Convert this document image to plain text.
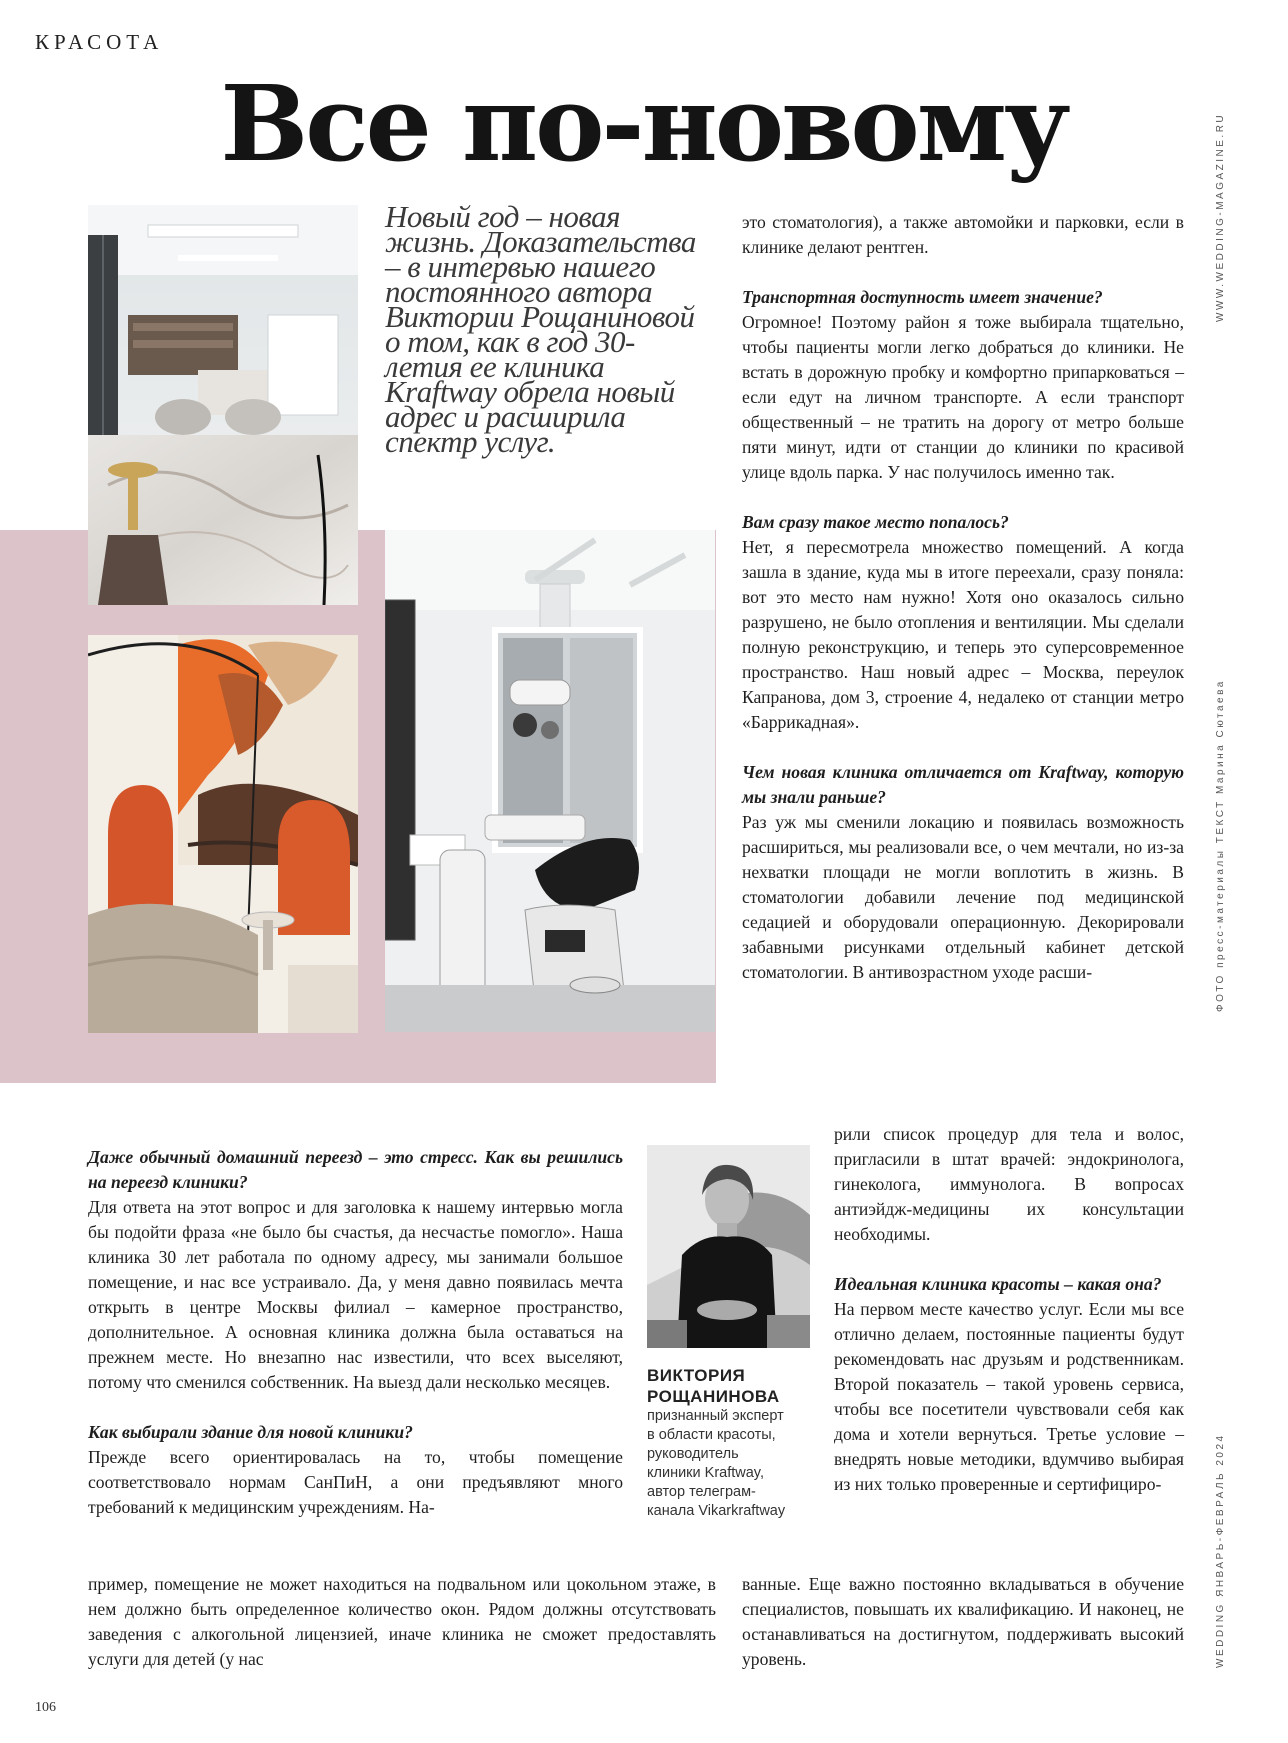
КРАСОТА
Все по-новому
Новый год – новая жизнь. Доказательства – в интервью нашего постоянного автора Виктории Рощаниновой о том, как в год 30-летия ее клиника Kraftway обрела новый адрес и расширила спектр услуг.

это стоматология), а также автомойки и парковки, если в клинике делают рентген.

Транспортная доступность имеет значение?

Огромное! Поэтому район я тоже выбирала тщательно, чтобы пациенты могли легко добраться до клиники. Не встать в дорожную пробку и комфортно припарковаться – если едут на личном транспорте. А если транспорт общественный – не тратить на дорогу от метро больше пяти минут, идти от станции до клиники по красивой улице вдоль парка. У нас получилось именно так.

Вам сразу такое место попалось?

Нет, я пересмотрела множество помещений. А когда зашла в здание, куда мы в итоге переехали, сразу поняла: вот это место нам нужно! Хотя оно оказалось сильно разрушено, не было отопления и вентиляции. Мы сделали полную реконструкцию, и теперь это суперсовременное пространство. Наш новый адрес – Москва, переулок Капранова, дом 3, строение 4, недалеко от станции метро «Баррикадная».

Чем новая клиника отличается от Kraftway, которую мы знали раньше?

Раз уж мы сменили локацию и появилась возможность расшириться, мы реализовали все, о чем мечтали, но из-за нехватки площади не могли воплотить в жизнь. В стоматологии добавили лечение под медицинской седацией и оборудовали операционную. Декорировали забавными рисунками отдельный кабинет детской стоматологии. В антивозрастном уходе расши-

рили список процедур для тела и волос, пригласили в штат врачей: эндокринолога, гинеколога, иммунолога. В вопросах антиэйдж-медицины их консультации необходимы.

Идеальная клиника красоты – какая она?

На первом месте качество услуг. Если мы все отлично делаем, постоянные пациенты будут рекомендовать нас друзьям и родственникам. Второй показатель – такой уровень сервиса, чтобы все посетители чувствовали себя как дома и хотели вернуться. Третье условие – внедрять новые методики, вдумчиво выбирая из них только проверенные и сертифициро-

ванные. Еще важно постоянно вкладываться в обучение специалистов, повышать их квалификацию. И наконец, не останавливаться на достигнутом, поддерживать высокий уровень.

Даже обычный домашний переезд – это стресс. Как вы решились на переезд клиники?

Для ответа на этот вопрос и для заголовка к нашему интервью могла бы подойти фраза «не было бы счастья, да несчастье помогло». Наша клиника 30 лет работала по одному адресу, мы занимали большое помещение, и нас все устраивало. Да, у меня давно появилась мечта открыть в центре Москвы филиал – камерное пространство, дополнительное. А основная клиника должна была оставаться на прежнем месте. Но внезапно нас известили, что всех выселяют, потому что сменился собственник. На выезд дали несколько месяцев.

Как выбирали здание для новой клиники?

Прежде всего ориентировалась на то, чтобы помещение соответствовало нормам СанПиН, а они предъявляют много требований к медицинским учреждениям. На-

пример, помещение не может находиться на подвальном или цокольном этаже, в нем должно быть определенное количество окон. Рядом должны отсутствовать заведения с алкогольной лицензией, иначе клиника не сможет предоставлять услуги для детей (у нас

ВИКТОРИЯ
РОЩАНИНОВА
признанный эксперт
в области красоты,
руководитель
клиники Kraftway,
автор телеграм-
канала Vikarkraftway
WWW.WEDDING-MAGAZINE.RU
ФОТО пресс-материалы ТЕКСТ Марина Сютаева
WEDDING ЯНВАРЬ-ФЕВРАЛЬ 2024
106
